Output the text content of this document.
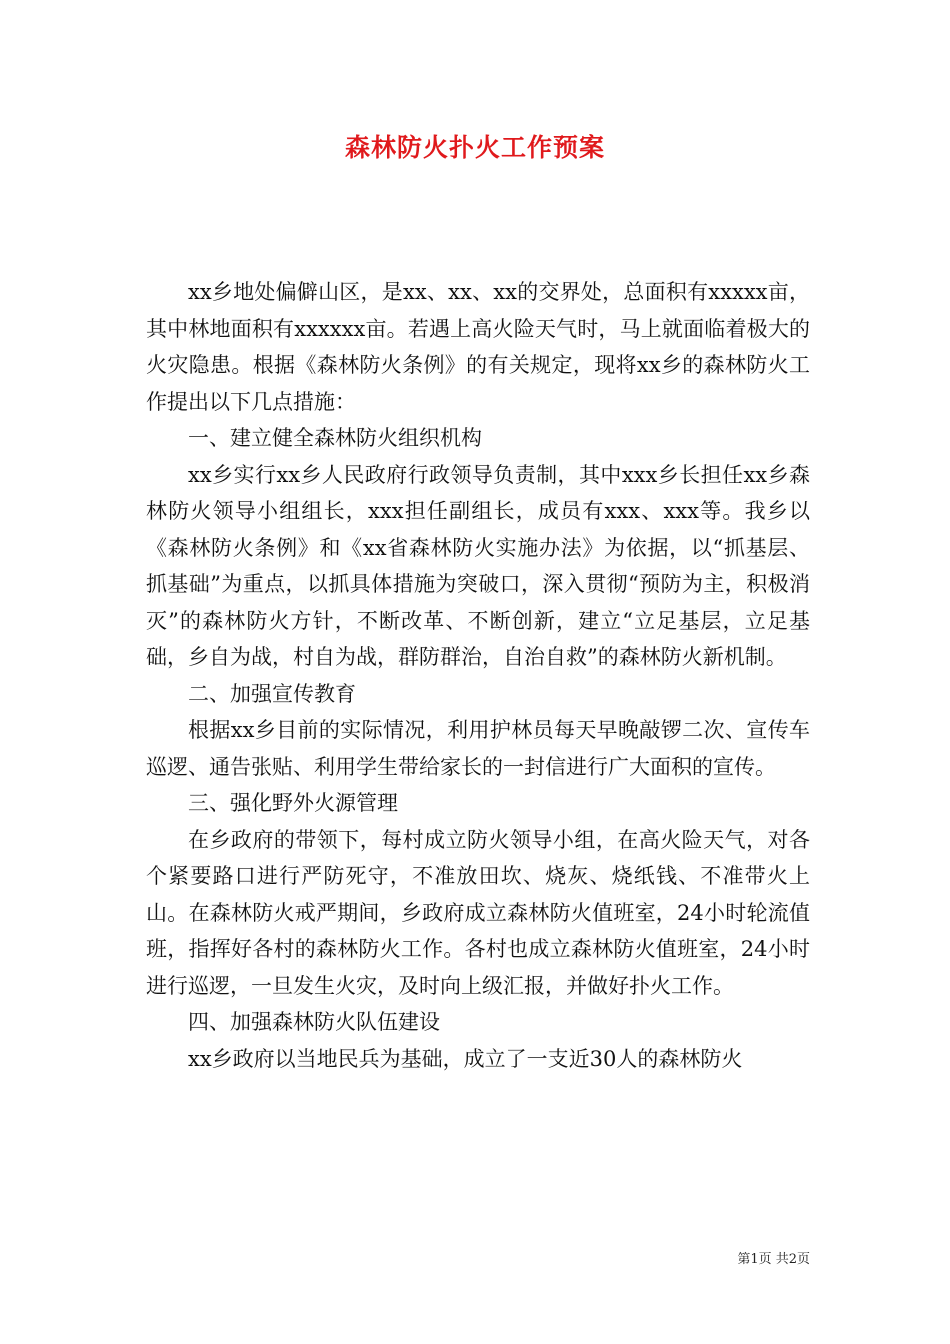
森林防火扑火工作预案

xx乡地处偏僻山区，是xx、xx、xx的交界处，总面积有xxxxx亩，其中林地面积有xxxxxx亩。若遇上高火险天气时，马上就面临着极大的火灾隐患。根据《森林防火条例》的有关规定，现将xx乡的森林防火工作提出以下几点措施：

一、建立健全森林防火组织机构

xx乡实行xx乡人民政府行政领导负责制，其中xxx乡长担任xx乡森林防火领导小组组长，xxx担任副组长，成员有xxx、xxx等。我乡以《森林防火条例》和《xx省森林防火实施办法》为依据，以“抓基层、抓基础”为重点，以抓具体措施为突破口，深入贯彻“预防为主，积极消灭”的森林防火方针，不断改革、不断创新，建立“立足基层，立足基础，乡自为战，村自为战，群防群治，自治自救”的森林防火新机制。

二、加强宣传教育

根据xx乡目前的实际情况，利用护林员每天早晚敲锣二次、宣传车巡逻、通告张贴、利用学生带给家长的一封信进行广大面积的宣传。

三、强化野外火源管理

在乡政府的带领下，每村成立防火领导小组，在高火险天气，对各个紧要路口进行严防死守，不准放田坎、烧灰、烧纸钱、不准带火上山。在森林防火戒严期间，乡政府成立森林防火值班室，24小时轮流值班，指挥好各村的森林防火工作。各村也成立森林防火值班室，24小时进行巡逻，一旦发生火灾，及时向上级汇报，并做好扑火工作。

四、加强森林防火队伍建设

xx乡政府以当地民兵为基础，成立了一支近30人的森林防火

第1页 共2页
